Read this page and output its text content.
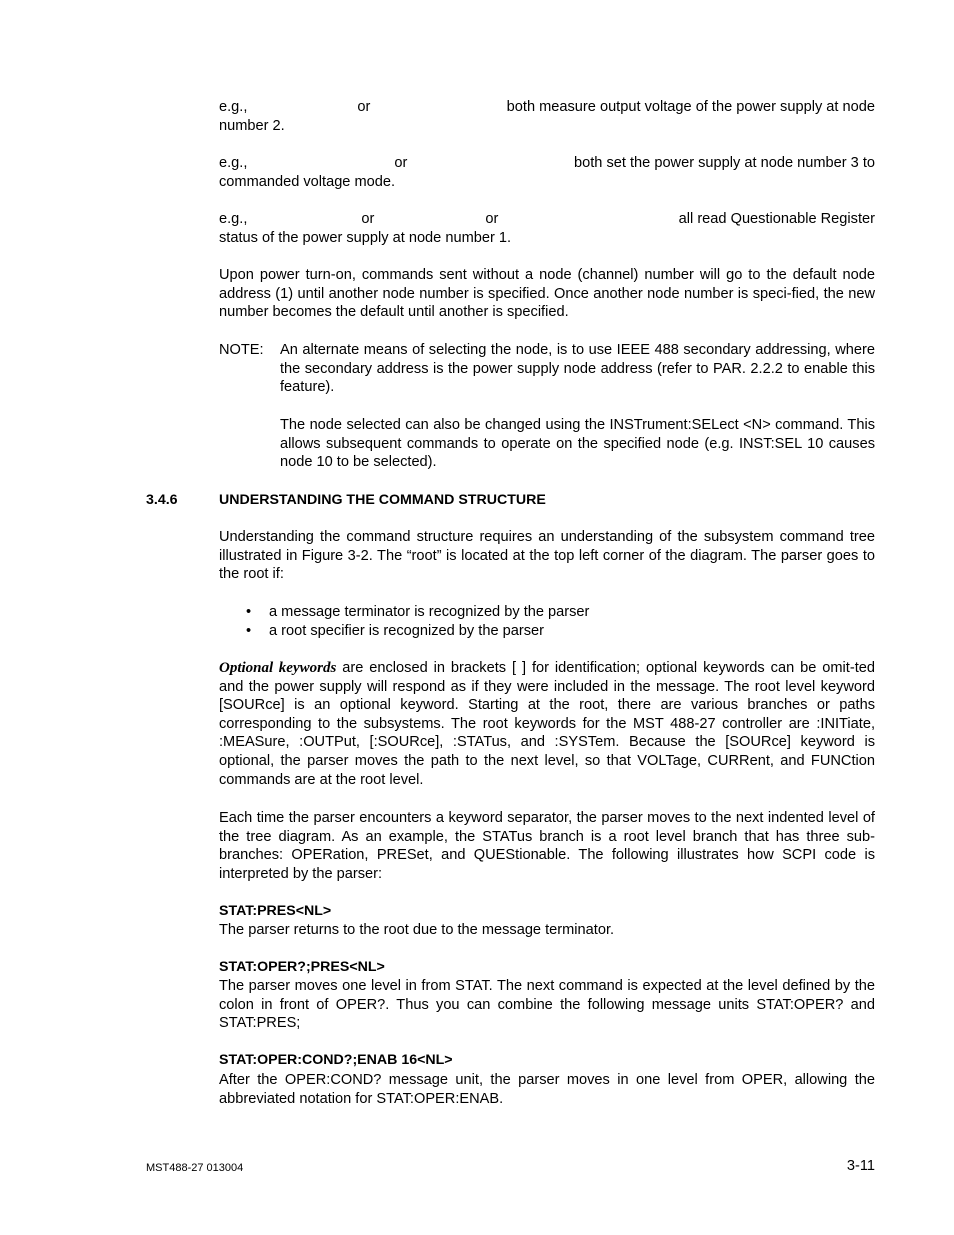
e.g.,	or	both measure output voltage of the power supply at node
number 2.
e.g.,	or	both set the power supply at node number 3 to
commanded voltage mode.
e.g.,	or	or	all read Questionable Register
status of the power supply at node number 1.
Upon power turn-on, commands sent without a node (channel) number will go to the default node address (1) until another node number is specified. Once another node number is speci-fied, the new number becomes the default until another is specified.
NOTE: An alternate means of selecting the node, is to use IEEE 488 secondary addressing, where the secondary address is the power supply node address (refer to PAR. 2.2.2 to enable this feature).
The node selected can also be changed using the INSTrument:SELect <N> command. This allows subsequent commands to operate on the specified node (e.g. INST:SEL 10 causes node 10 to be selected).
3.4.6	UNDERSTANDING THE COMMAND STRUCTURE
Understanding the command structure requires an understanding of the subsystem command tree illustrated in Figure 3-2. The “root” is located at the top left corner of the diagram. The parser goes to the root if:
• a message terminator is recognized by the parser
• a root specifier is recognized by the parser
Optional keywords are enclosed in brackets [ ] for identification; optional keywords can be omit-ted and the power supply will respond as if they were included in the message. The root level keyword [SOURce] is an optional keyword. Starting at the root, there are various branches or paths corresponding to the subsystems. The root keywords for the MST 488-27 controller are :INITiate, :MEASure, :OUTPut, [:SOURce], :STATus, and :SYSTem. Because the [SOURce] keyword is optional, the parser moves the path to the next level, so that VOLTage, CURRent, and FUNCtion commands are at the root level.
Each time the parser encounters a keyword separator, the parser moves to the next indented level of the tree diagram. As an example, the STATus branch is a root level branch that has three sub-branches: OPERation, PRESet, and QUEStionable. The following illustrates how SCPI code is interpreted by the parser:
STAT:PRES<NL>
The parser returns to the root due to the message terminator.
STAT:OPER?;PRES<NL>
The parser moves one level in from STAT. The next command is expected at the level defined by the colon in front of OPER?. Thus you can combine the following message units STAT:OPER? and STAT:PRES;
STAT:OPER:COND?;ENAB 16<NL>
After the OPER:COND? message unit, the parser moves in one level from OPER, allowing the abbreviated notation for STAT:OPER:ENAB.
MST488-27 013004	3-11
